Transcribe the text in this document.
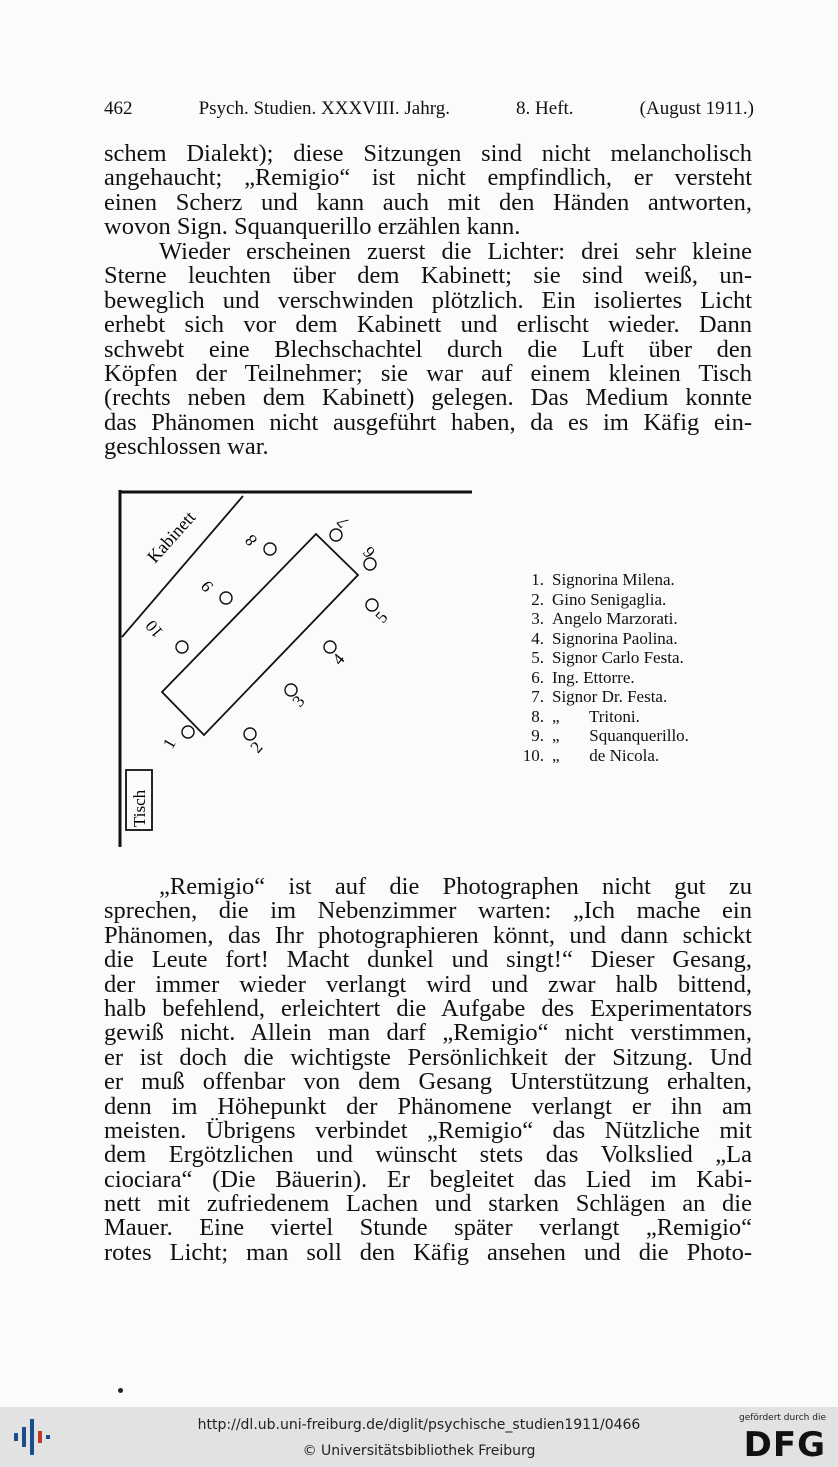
462	Psych. Studien. XXXVIII. Jahrg.	8. Heft.	(August 1911.)
schem Dialekt); diese Sitzungen sind nicht melancholisch
angehaucht; „Remigio“ ist nicht empfindlich, er versteht
einen Scherz und kann auch mit den Händen antworten,
wovon Sign. Squanquerillo erzählen kann.
Wieder erscheinen zuerst die Lichter: drei sehr kleine
Sterne leuchten über dem Kabinett; sie sind weiß, un-
beweglich und verschwinden plötzlich. Ein isoliertes Licht
erhebt sich vor dem Kabinett und erlischt wieder. Dann
schwebt eine Blechschachtel durch die Luft über den
Köpfen der Teilnehmer; sie war auf einem kleinen Tisch
(rechts neben dem Kabinett) gelegen. Das Medium konnte
das Phänomen nicht ausgeführt haben, da es im Käfig ein-
geschlossen war.
Kabinett
Tisch
1	2
3
4
5
6
7
8
9
10
1. Signorina Milena.
2. Gino Senigaglia.
3. Angelo Marzorati.
4. Signorina Paolina.
5. Signor Carlo Festa.
6. Ing. Ettorre.
7. Signor Dr. Festa.
8. „       Tritoni.
9. „       Squanquerillo.
10. „       de Nicola.
„Remigio“ ist auf die Photographen nicht gut zu
sprechen, die im Nebenzimmer warten: „Ich mache ein
Phänomen, das Ihr photographieren könnt, und dann schickt
die Leute fort! Macht dunkel und singt!“ Dieser Gesang,
der immer wieder verlangt wird und zwar halb bittend,
halb befehlend, erleichtert die Aufgabe des Experimentators
gewiß nicht. Allein man darf „Remigio“ nicht verstimmen,
er ist doch die wichtigste Persönlichkeit der Sitzung. Und
er muß offenbar von dem Gesang Unterstützung erhalten,
denn im Höhepunkt der Phänomene verlangt er ihn am
meisten. Übrigens verbindet „Remigio“ das Nützliche mit
dem Ergötzlichen und wünscht stets das Volkslied „La
ciociara“ (Die Bäuerin). Er begleitet das Lied im Kabi-
nett mit zufriedenem Lachen und starken Schlägen an die
Mauer. Eine viertel Stunde später verlangt „Remigio“
rotes Licht; man soll den Käfig ansehen und die Photo-
http://dl.ub.uni-freiburg.de/diglit/psychische_studien1911/0466
© Universitätsbibliothek Freiburg
gefördert durch die
DFG
